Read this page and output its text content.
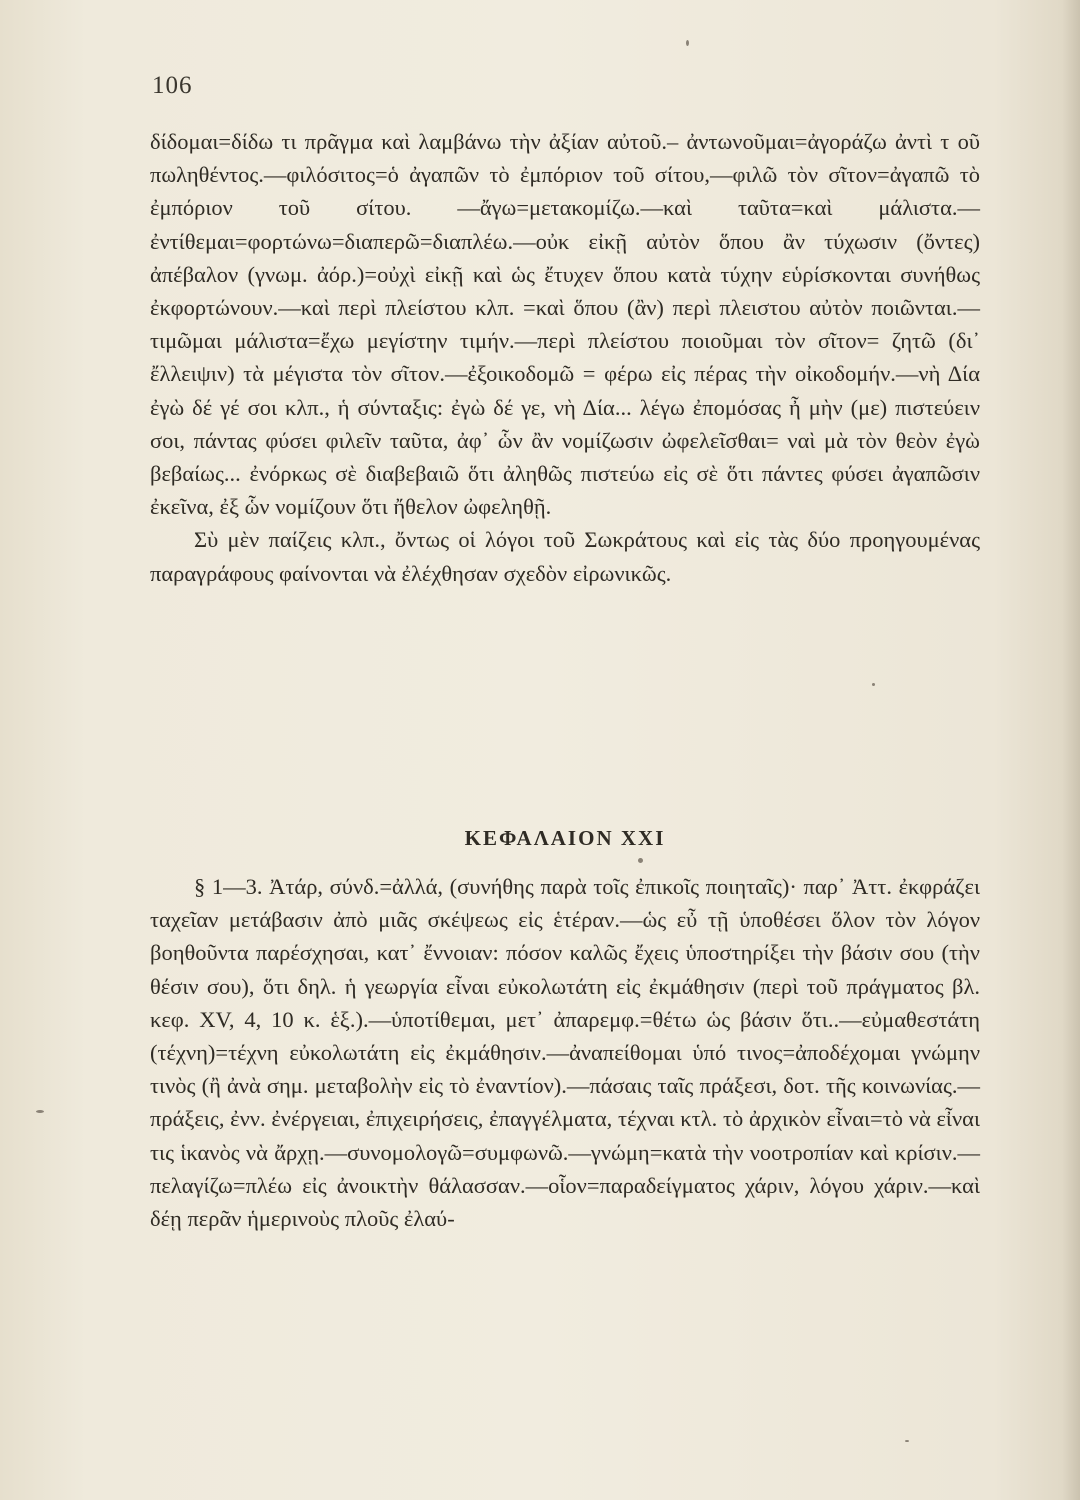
106

δίδομαι=δίδω τι πρᾶγμα καὶ λαμβάνω τὴν ἀξίαν αὐτοῦ.– ἀντωνοῦμαι=ἀγοράζω ἀντὶ τ οῦ πωληθέντος.—φιλόσιτος=ὁ ἀγαπῶν τὸ ἐμπόριον τοῦ σίτου,—φιλῶ τὸν σῖτον=ἀγαπῶ τὸ ἐμπόριον τοῦ σίτου. —ἄγω=μετακομίζω.—καὶ ταῦτα=καὶ μάλιστα.—ἐντίθεμαι=φορτώνω=διαπερῶ=διαπλέω.—οὐκ εἰκῇ αὐτὸν ὅπου ἂν τύχωσιν (ὄντες) ἀπέβαλον (γνωμ. ἀόρ.)=οὐχὶ εἰκῇ καὶ ὡς ἔτυχεν ὅπου κατὰ τύχην εὑρίσκονται συνήθως ἐκφορτώνουν.—καὶ περὶ πλείστου κλπ. =καὶ ὅπου (ἂν) περὶ πλειστου αὐτὸν ποιῶνται.—τιμῶμαι μάλιστα=ἔχω μεγίστην τιμήν.—περὶ πλείστου ποιοῦμαι τὸν σῖτον= ζητῶ (δι᾿ ἔλλειψιν) τὰ μέγιστα τὸν σῖτον.—ἐξοικοδομῶ = φέρω εἰς πέρας τὴν οἰκοδομήν.—νὴ Δία ἐγὼ δέ γέ σοι κλπ., ἡ σύνταξις: ἐγὼ δέ γε, νὴ Δία... λέγω ἐπομόσας ἦ μὴν (με) πιστεύειν σοι, πάντας φύσει φιλεῖν ταῦτα, ἀφ᾿ ὧν ἂν νομίζωσιν ὠφελεῖσθαι= ναὶ μὰ τὸν θεὸν ἐγὼ βεβαίως... ἐνόρκως σὲ διαβεβαιῶ ὅτι ἀληθῶς πιστεύω εἰς σὲ ὅτι πάντες φύσει ἀγαπῶσιν ἐκεῖνα, ἐξ ὧν νομίζουν ὅτι ἤθελον ὠφεληθῇ.

Σὺ μὲν παίζεις κλπ., ὄντως οἱ λόγοι τοῦ Σωκράτους καὶ εἰς τὰς δύο προηγουμένας παραγράφους φαίνονται νὰ ἐλέχθησαν σχεδὸν εἰρωνικῶς.

ΚΕΦΑΛΑΙΟΝ XXI

§ 1—3. Ἀτάρ, σύνδ.=ἀλλά, (συνήθης παρὰ τοῖς ἐπικοῖς ποιηταῖς)· παρ᾿ Ἀττ. ἐκφράζει ταχεῖαν μετάβασιν ἀπὸ μιᾶς σκέψεως εἰς ἑτέραν.—ὡς εὖ τῇ ὑποθέσει ὅλον τὸν λόγον βοηθοῦντα παρέσχησαι, κατ᾿ ἔννοιαν: πόσον καλῶς ἔχεις ὑποστηρίξει τὴν βάσιν σου (τὴν θέσιν σου), ὅτι δηλ. ἡ γεωργία εἶναι εὐκολωτάτη εἰς ἐκμάθησιν (περὶ τοῦ πράγματος βλ. κεφ. XV, 4, 10 κ. ἑξ.).—ὑποτίθεμαι, μετ᾿ ἀπαρεμφ.=θέτω ὡς βάσιν ὅτι..—εὐμαθεστάτη (τέχνη)=τέχνη εὐκολωτάτη εἰς ἐκμάθησιν.—ἀναπείθομαι ὑπό τινος=ἀποδέχομαι γνώμην τινὸς (ἢ ἀνὰ σημ. μεταβολὴν εἰς τὸ ἐναντίον).—πάσαις ταῖς πράξεσι, δοτ. τῆς κοινωνίας.—πράξεις, ἐνν. ἐνέργειαι, ἐπιχειρήσεις, ἐπαγγέλματα, τέχναι κτλ. τὸ ἀρχικὸν εἶναι=τὸ νὰ εἶναι τις ἱκανὸς νὰ ἄρχῃ.—συνομολογῶ=συμφωνῶ.—γνώμη=κατὰ τὴν νοοτροπίαν καὶ κρίσιν.—πελαγίζω=πλέω εἰς ἀνοικτὴν θάλασσαν.—οἷον=παραδείγματος χάριν, λόγου χάριν.—καὶ δέῃ περᾶν ἡμερινοὺς πλοῦς ἐλαύ-
